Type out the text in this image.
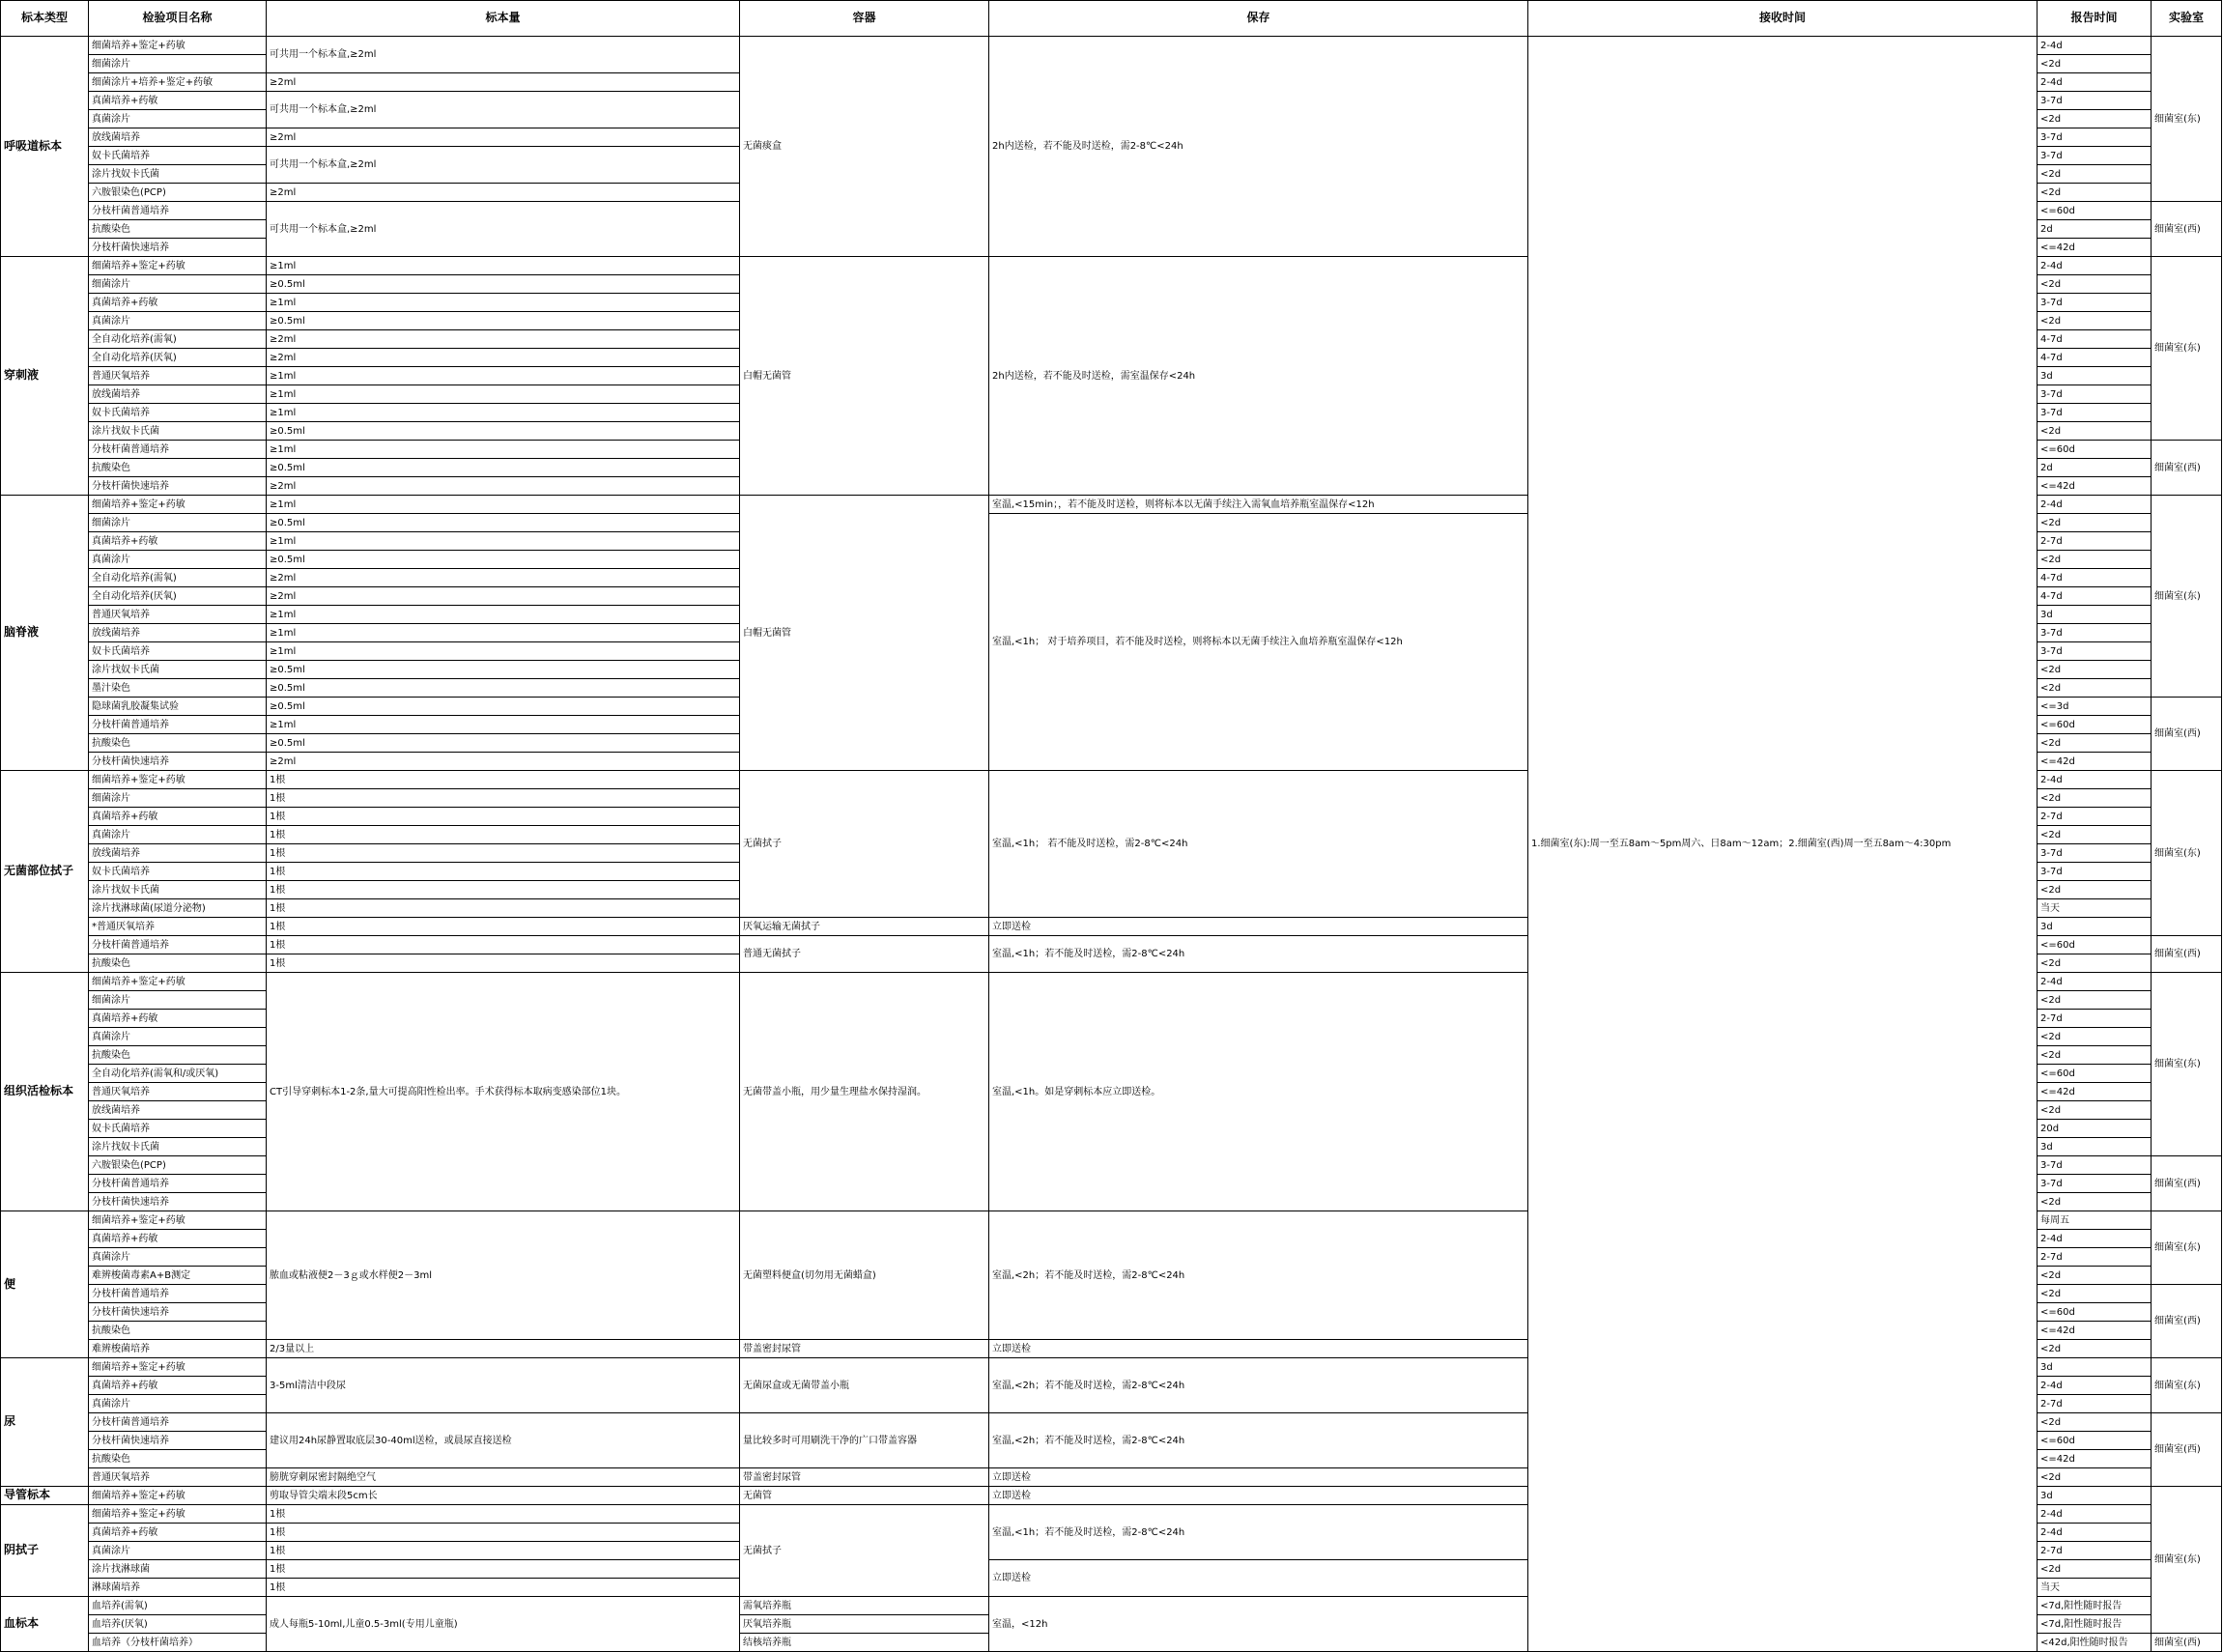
标本类型	检验项目名称	标本量	容器	保存	接收时间	报告时间	实验室
呼吸道标本	细菌培养+鉴定+药敏	可共用一个标本盒,≥2ml	无菌痰盒	2h内送检，若不能及时送检，需2-8℃<24h	1.细菌室(东):周一至五8am～5pm周六、日8am～12am；2.细菌室(西)周一至五8am～4:30pm	2-4d	细菌室(东)
	细菌涂片					<2d	
	细菌涂片+培养+鉴定+药敏	≥2ml				2-4d	
	真菌培养+药敏	可共用一个标本盒,≥2ml				3-7d	
	真菌涂片					<2d	
	放线菌培养	≥2ml				3-7d	
	奴卡氏菌培养	可共用一个标本盒,≥2ml				3-7d	
	涂片找奴卡氏菌					<2d	
	六胺银染色(PCP)	≥2ml				<2d	
	分枝杆菌普通培养	可共用一个标本盒,≥2ml				<=60d	细菌室(西)
	抗酸染色					2d	
	分枝杆菌快速培养					<=42d	
穿刺液	细菌培养+鉴定+药敏	≥1ml	白帽无菌管	2h内送检，若不能及时送检，需室温保存<24h		2-4d	细菌室(东)
	细菌涂片	≥0.5ml				<2d	
	真菌培养+药敏	≥1ml				3-7d	
	真菌涂片	≥0.5ml				<2d	
	全自动化培养(需氧)	≥2ml				4-7d	
	全自动化培养(厌氧)	≥2ml				4-7d	
	普通厌氧培养	≥1ml				3d	
	放线菌培养	≥1ml				3-7d	
	奴卡氏菌培养	≥1ml				3-7d	
	涂片找奴卡氏菌	≥0.5ml				<2d	
	分枝杆菌普通培养	≥1ml				<=60d	细菌室(西)
	抗酸染色	≥0.5ml				2d	
	分枝杆菌快速培养	≥2ml				<=42d	
脑脊液	细菌培养+鉴定+药敏	≥1ml	白帽无菌管	室温,<15min；，若不能及时送检，则将标本以无菌手续注入需氧血培养瓶室温保存<12h		2-4d	细菌室(东)
	细菌涂片	≥0.5ml		室温,<1h； 对于培养项目，若不能及时送检，则将标本以无菌手续注入血培养瓶室温保存<12h		<2d	
	真菌培养+药敏	≥1ml				2-7d	
	真菌涂片	≥0.5ml				<2d	
	全自动化培养(需氧)	≥2ml				4-7d	
	全自动化培养(厌氧)	≥2ml				4-7d	
	普通厌氧培养	≥1ml				3d	
	放线菌培养	≥1ml				3-7d	
	奴卡氏菌培养	≥1ml				3-7d	
	涂片找奴卡氏菌	≥0.5ml				<2d	
	墨汁染色	≥0.5ml				<2d	
	隐球菌乳胶凝集试验	≥0.5ml				<=3d	细菌室(西)
	分枝杆菌普通培养	≥1ml				<=60d	
	抗酸染色	≥0.5ml				<2d	
	分枝杆菌快速培养	≥2ml				<=42d	
无菌部位拭子	细菌培养+鉴定+药敏	1根	无菌拭子	室温,<1h； 若不能及时送检，需2-8℃<24h		2-4d	细菌室(东)
	细菌涂片	1根				<2d	
	真菌培养+药敏	1根				2-7d	
	真菌涂片	1根				<2d	
	放线菌培养	1根				3-7d	
	奴卡氏菌培养	1根				3-7d	
	涂片找奴卡氏菌	1根				<2d	
	涂片找淋球菌(尿道分泌物)	1根				当天	
	*普通厌氧培养	1根	厌氧运输无菌拭子	立即送检		3d	
	分枝杆菌普通培养	1根	普通无菌拭子	室温,<1h；若不能及时送检，需2-8℃<24h		<=60d	细菌室(西)
	抗酸染色	1根				<2d	
组织活检标本	细菌培养+鉴定+药敏	CT引导穿刺标本1-2条,量大可提高阳性检出率。手术获得标本取病变感染部位1块。	无菌带盖小瓶，用少量生理盐水保持湿润。	室温,<1h。如是穿刺标本应立即送检。		2-4d	细菌室(东)
	细菌涂片					<2d	
	真菌培养+药敏					2-7d	
	真菌涂片					<2d	
	抗酸染色					<2d	
	全自动化培养(需氧和/或厌氧)					<=60d	
	普通厌氧培养					<=42d	
	放线菌培养					<2d	
	奴卡氏菌培养					20d	
	涂片找奴卡氏菌					3d	
	六胺银染色(PCP)					3-7d	细菌室(西)
	分枝杆菌普通培养					3-7d	
	分枝杆菌快速培养					<2d	
便	细菌培养+鉴定+药敏	脓血或粘液便2－3ｇ或水样便2－3ml	无菌塑料便盒(切勿用无菌蜡盒)	室温,<2h；若不能及时送检，需2-8℃<24h		每周五	细菌室(东)
	真菌培养+药敏					2-4d	
	真菌涂片					2-7d	
	难辨梭菌毒素A+B测定					<2d	
	分枝杆菌普通培养					<2d	细菌室(西)
	分枝杆菌快速培养					<=60d	
	抗酸染色					<=42d	
	难辨梭菌培养	2/3量以上	带盖密封尿管	立即送检		<2d	
尿	细菌培养+鉴定+药敏	3-5ml清洁中段尿	无菌尿盒或无菌带盖小瓶	室温,<2h；若不能及时送检，需2-8℃<24h		3d	细菌室(东)
	真菌培养+药敏					2-4d	
	真菌涂片					2-7d	
	分枝杆菌普通培养	建议用24h尿静置取底层30-40ml送检，或晨尿直接送检	量比较多时可用刷洗干净的广口带盖容器	室温,<2h；若不能及时送检，需2-8℃<24h		<2d	细菌室(西)
	分枝杆菌快速培养					<=60d	
	抗酸染色					<=42d	
	普通厌氧培养	膀胱穿刺尿密封隔绝空气	带盖密封尿管	立即送检		<2d	
导管标本	细菌培养+鉴定+药敏	剪取导管尖端末段5cm长	无菌管	立即送检		3d	细菌室(东)
阴拭子	细菌培养+鉴定+药敏	1根	无菌拭子	室温,<1h；若不能及时送检，需2-8℃<24h		2-4d	
	真菌培养+药敏	1根				2-4d	
	真菌涂片	1根				2-7d	
	涂片找淋球菌	1根		立即送检		<2d	
	淋球菌培养	1根				当天	
血标本	血培养(需氧)	成人每瓶5-10ml,儿童0.5-3ml(专用儿童瓶)	需氧培养瓶	室温，<12h		<7d,阳性随时报告	
	血培养(厌氧)		厌氧培养瓶			<7d,阳性随时报告	
	血培养（分枝杆菌培养）		结核培养瓶			<42d,阳性随时报告	细菌室(西)
